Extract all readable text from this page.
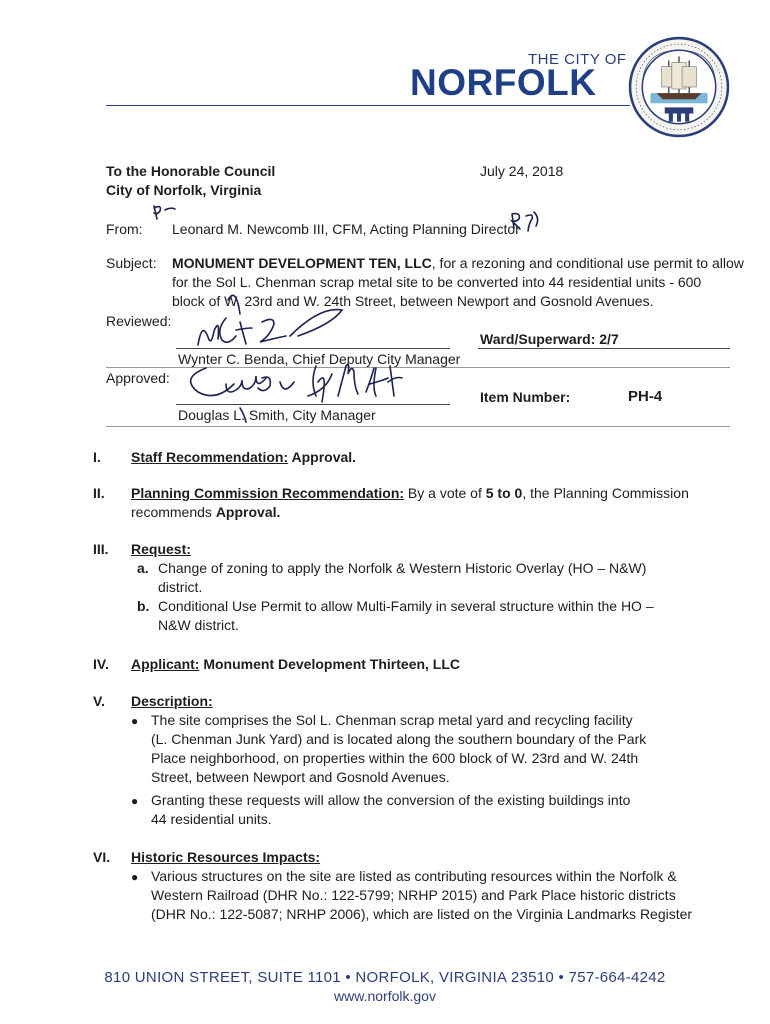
THE CITY OF
NORFOLK
To the Honorable Council
City of Norfolk, Virginia
July 24, 2018
From: Leonard M. Newcomb III, CFM, Acting Planning Director
Subject: MONUMENT DEVELOPMENT TEN, LLC, for a rezoning and conditional use permit to allow
for the Sol L. Chenman scrap metal site to be converted into 44 residential units - 600
block of W. 23rd and W. 24th Street, between Newport and Gosnold Avenues.
Reviewed:
Ward/Superward: 2/7
Wynter C. Benda, Chief Deputy City Manager
Approved:
Douglas L. Smith, City Manager
Item Number:	PH-4
I.	Staff Recommendation: Approval.
II.	Planning Commission Recommendation: By a vote of 5 to 0, the Planning Commission
recommends Approval.
III.	Request:
a. Change of zoning to apply the Norfolk & Western Historic Overlay (HO – N&W)
district.
b. Conditional Use Permit to allow Multi-Family in several structure within the HO –
N&W district.
IV.	Applicant: Monument Development Thirteen, LLC
V.	Description:
● The site comprises the Sol L. Chenman scrap metal yard and recycling facility
(L. Chenman Junk Yard) and is located along the southern boundary of the Park
Place neighborhood, on properties within the 600 block of W. 23rd and W. 24th
Street, between Newport and Gosnold Avenues.
● Granting these requests will allow the conversion of the existing buildings into
44 residential units.
VI.	Historic Resources Impacts:
● Various structures on the site are listed as contributing resources within the Norfolk &
Western Railroad (DHR No.: 122-5799; NRHP 2015) and Park Place historic districts
(DHR No.: 122-5087; NRHP 2006), which are listed on the Virginia Landmarks Register
810 UNION STREET, SUITE 1101 • NORFOLK, VIRGINIA 23510 • 757-664-4242
www.norfolk.gov
